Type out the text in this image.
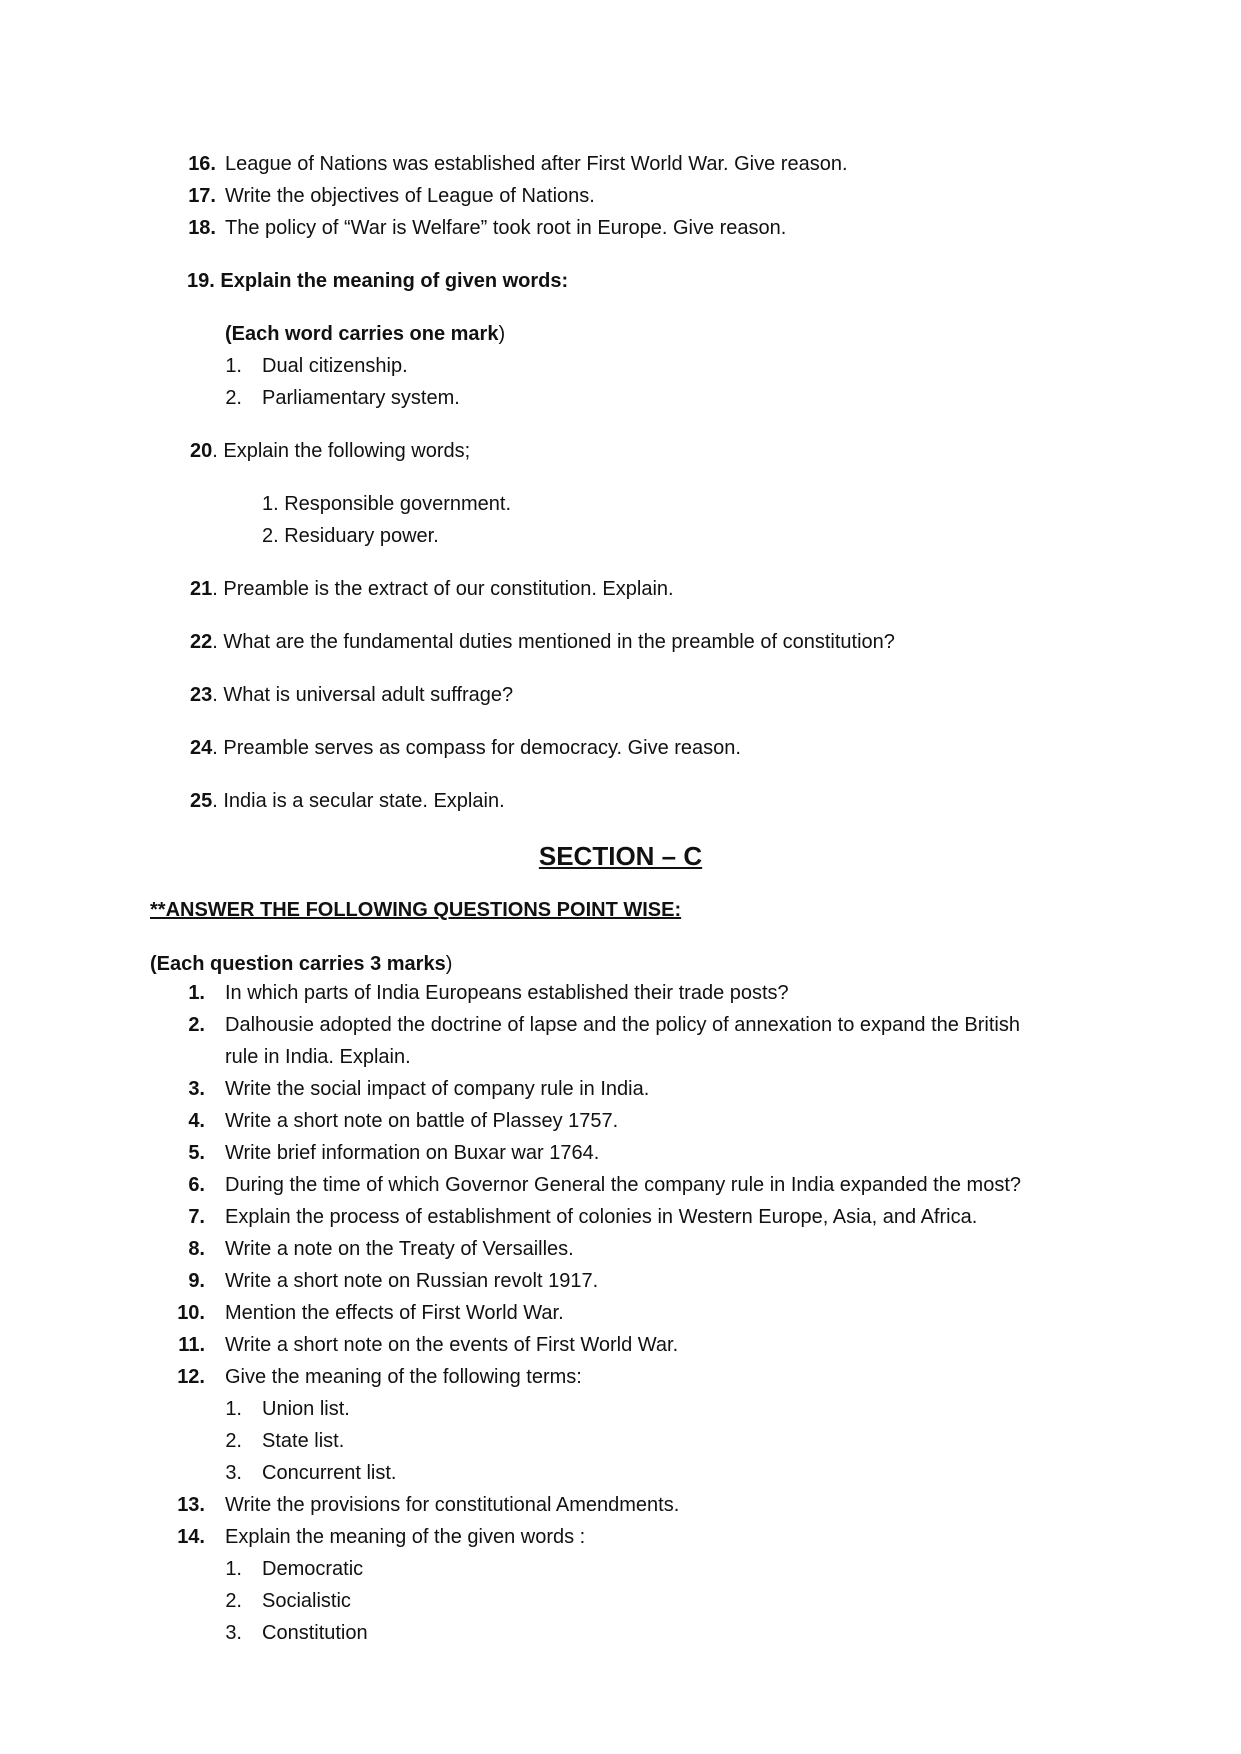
16. League of Nations was established after First World War. Give reason.
17. Write the objectives of League of Nations.
18. The policy of “War is Welfare” took root in Europe. Give reason.
19. Explain the meaning of given words:
(Each word carries one mark)
1. Dual citizenship.
2. Parliamentary system.
20. Explain the following words;
1. Responsible government.
2. Residuary power.
21. Preamble is the extract of our constitution. Explain.
22. What are the fundamental duties mentioned in the preamble of constitution?
23. What is universal adult suffrage?
24. Preamble serves as compass for democracy. Give reason.
25. India is a secular state. Explain.
SECTION – C
**ANSWER THE FOLLOWING QUESTIONS POINT WISE:
(Each question carries 3 marks)
1. In which parts of India Europeans established their trade posts?
2. Dalhousie adopted the doctrine of lapse and the policy of annexation to expand the British
rule in India. Explain.
3. Write the social impact of company rule in India.
4. Write a short note on battle of Plassey 1757.
5. Write brief information on Buxar war 1764.
6. During the time of which Governor General the company rule in India expanded the most?
7. Explain the process of establishment of colonies in Western Europe, Asia, and Africa.
8. Write a note on the Treaty of Versailles.
9. Write a short note on Russian revolt 1917.
10. Mention the effects of First World War.
11. Write a short note on the events of First World War.
12. Give the meaning of the following terms:
1. Union list.
2. State list.
3. Concurrent list.
13. Write the provisions for constitutional Amendments.
14. Explain the meaning of the given words :
1. Democratic
2. Socialistic
3. Constitution
